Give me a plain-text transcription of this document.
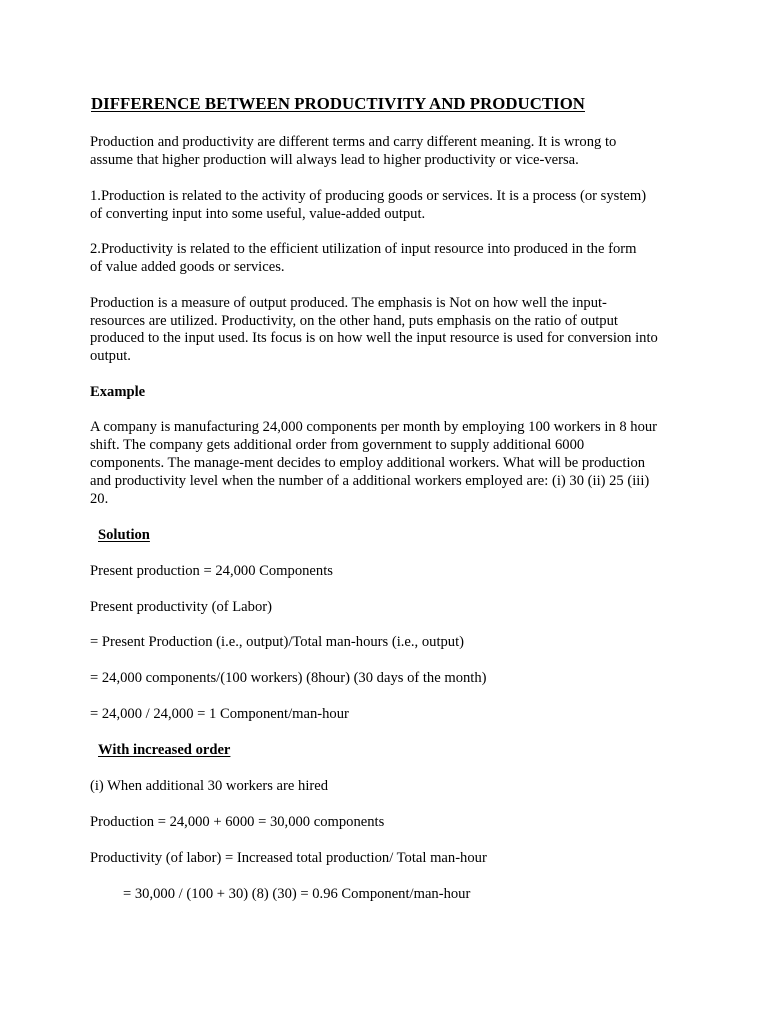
DIFFERENCE BETWEEN PRODUCTIVITY AND PRODUCTION
Production and productivity are different terms and carry different meaning. It is wrong to
assume that higher production will always lead to higher productivity or vice-versa.
1.Production is related to the activity of producing goods or services. It is a process (or system)
of converting input into some useful, value-added output.
2.Productivity is related to the efficient utilization of input resource into produced in the form
of value added goods or services.
Production is a measure of output produced. The emphasis is Not on how well the input-
resources are utilized. Productivity, on the other hand, puts emphasis on the ratio of output
produced to the input used. Its focus is on how well the input resource is used for conversion into
output.
Example
A company is manufacturing 24,000 components per month by employing 100 workers in 8 hour
shift. The company gets additional order from government to supply additional 6000
components. The manage-ment decides to employ additional workers. What will be production
and productivity level when the number of a additional workers employed are: (i) 30 (ii) 25 (iii)
20.
Solution
Present production = 24,000 Components
Present productivity (of Labor)
= Present Production (i.e., output)/Total man-hours (i.e., output)
= 24,000 components/(100 workers) (8hour) (30 days of the month)
= 24,000 / 24,000 = 1 Component/man-hour
With increased order
(i) When additional 30 workers are hired
Production = 24,000 + 6000 = 30,000 components
Productivity (of labor) = Increased total production/ Total man-hour
= 30,000 / (100 + 30) (8) (30) = 0.96 Component/man-hour
